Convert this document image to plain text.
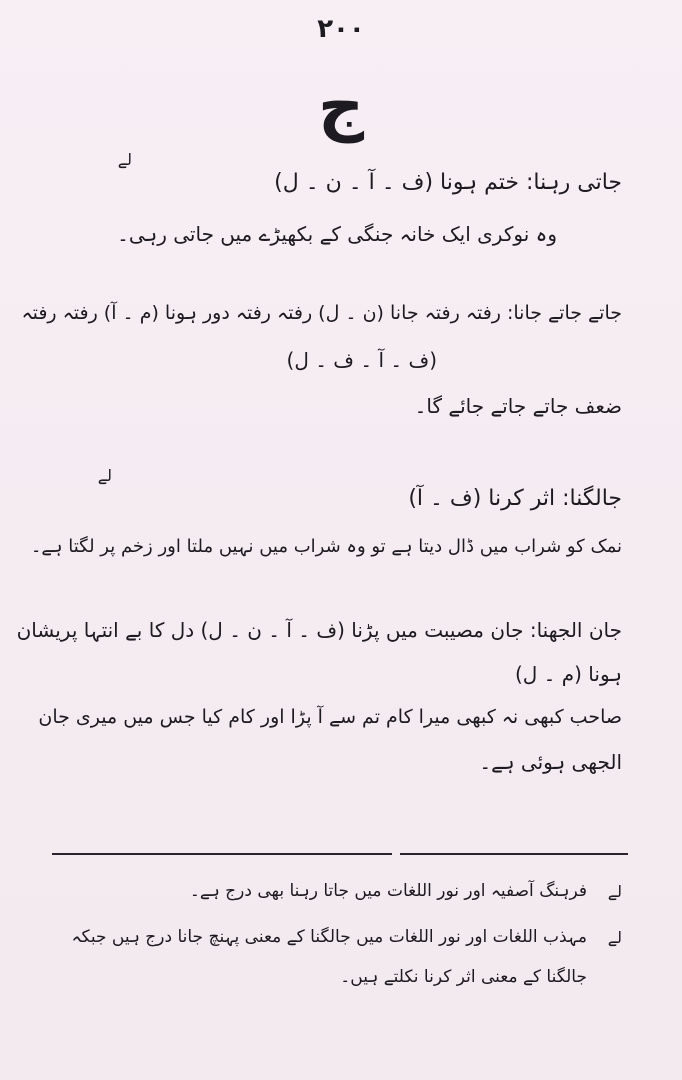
۲۰۰
ج
جاتی رہنا: ختم ہونا (ف ۔ آ ۔ ن ۔ ل)
لے
وہ نوکری ایک خانہ جنگی کے بکھیڑے میں جاتی رہی۔
جاتے جاتے جانا: رفتہ رفتہ جانا (ن ۔ ل) رفتہ رفتہ دور ہونا (م ۔ آ) رفتہ رفتہ
(ف ۔ آ ۔ ف ۔ ل)
ضعف جاتے جاتے جائے گا۔
جالگنا: اثر کرنا (ف ۔ آ)
لے
نمک کو شراب میں ڈال دیتا ہے تو وہ شراب میں نہیں ملتا اور زخم پر لگتا ہے۔
جان الجھنا: جان مصیبت میں پڑنا (ف ۔ آ ۔ ن ۔ ل) دل کا بے انتہا پریشان
ہونا (م ۔ ل)
صاحب کبھی نہ کبھی میرا کام تم سے آ پڑا اور کام کیا جس میں میری جان
الجھی ہوئی ہے۔
لے
فرہنگ آصفیہ اور نور اللغات میں جاتا رہنا بھی درج ہے۔
لے
مہذب اللغات اور نور اللغات میں جالگنا کے معنی پہنچ جانا درج ہیں جبکہ
جالگنا کے معنی اثر کرنا نکلتے ہیں۔
